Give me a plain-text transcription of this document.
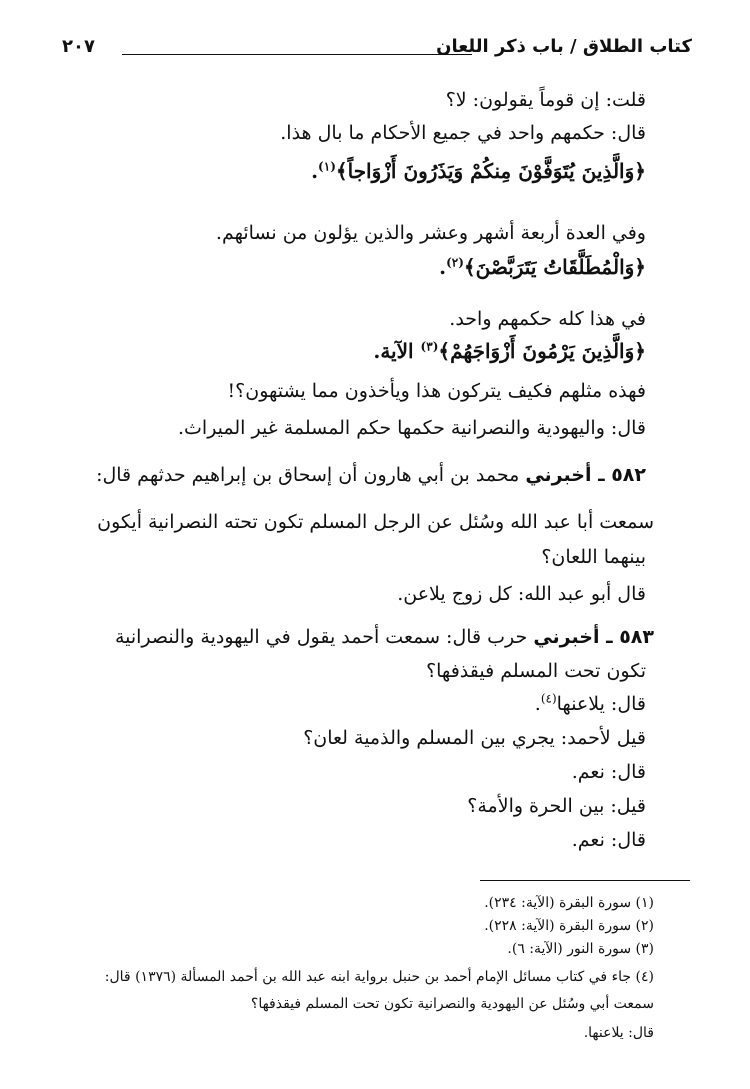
كتاب الطلاق / باب ذكر اللعان
٢٠٧
قلت: إن قوماً يقولون: لا؟
قال: حكمهم واحد في جميع الأحكام ما بال هذا.
﴿وَالَّذِينَ يُتَوَفَّوْنَ مِنكُمْ وَيَذَرُونَ أَزْوَاجاً﴾$^{(١)}$.
وفي العدة أربعة أشهر وعشر والذين يؤلون من نسائهم.
﴿وَالْمُطَلَّقَاتُ يَتَرَبَّصْنَ﴾$^{(٢)}$.
في هذا كله حكمهم واحد.
﴿وَالَّذِينَ يَرْمُونَ أَزْوَاجَهُمْ﴾$^{(٣)}$ الآية.
فهذه مثلهم فكيف يتركون هذا ويأخذون مما يشتهون؟!
قال: واليهودية والنصرانية حكمها حكم المسلمة غير الميراث.
٥٨٢ ـ أخبرني محمد بن أبي هارون أن إسحاق بن إبراهيم حدثهم قال:
سمعت أبا عبد الله وسُئل عن الرجل المسلم تكون تحته النصرانية أيكون
بينهما اللعان؟
قال أبو عبد الله: كل زوج يلاعن.
٥٨٣ ـ أخبرني حرب قال: سمعت أحمد يقول في اليهودية والنصرانية
تكون تحت المسلم فيقذفها؟
قال: يلاعنها$^{(٤)}$.
قيل لأحمد: يجري بين المسلم والذمية لعان؟
قال: نعم.
قيل: بين الحرة والأمة؟
قال: نعم.
(١) سورة البقرة (الآية: ٢٣٤).
(٢) سورة البقرة (الآية: ٢٢٨).
(٣) سورة النور (الآية: ٦).
(٤) جاء في كتاب مسائل الإمام أحمد بن حنبل برواية ابنه عبد الله بن أحمد المسألة (١٣٧٦) قال:
سمعت أبي وسُئل عن اليهودية والنصرانية تكون تحت المسلم فيقذفها؟
قال: يلاعنها.
